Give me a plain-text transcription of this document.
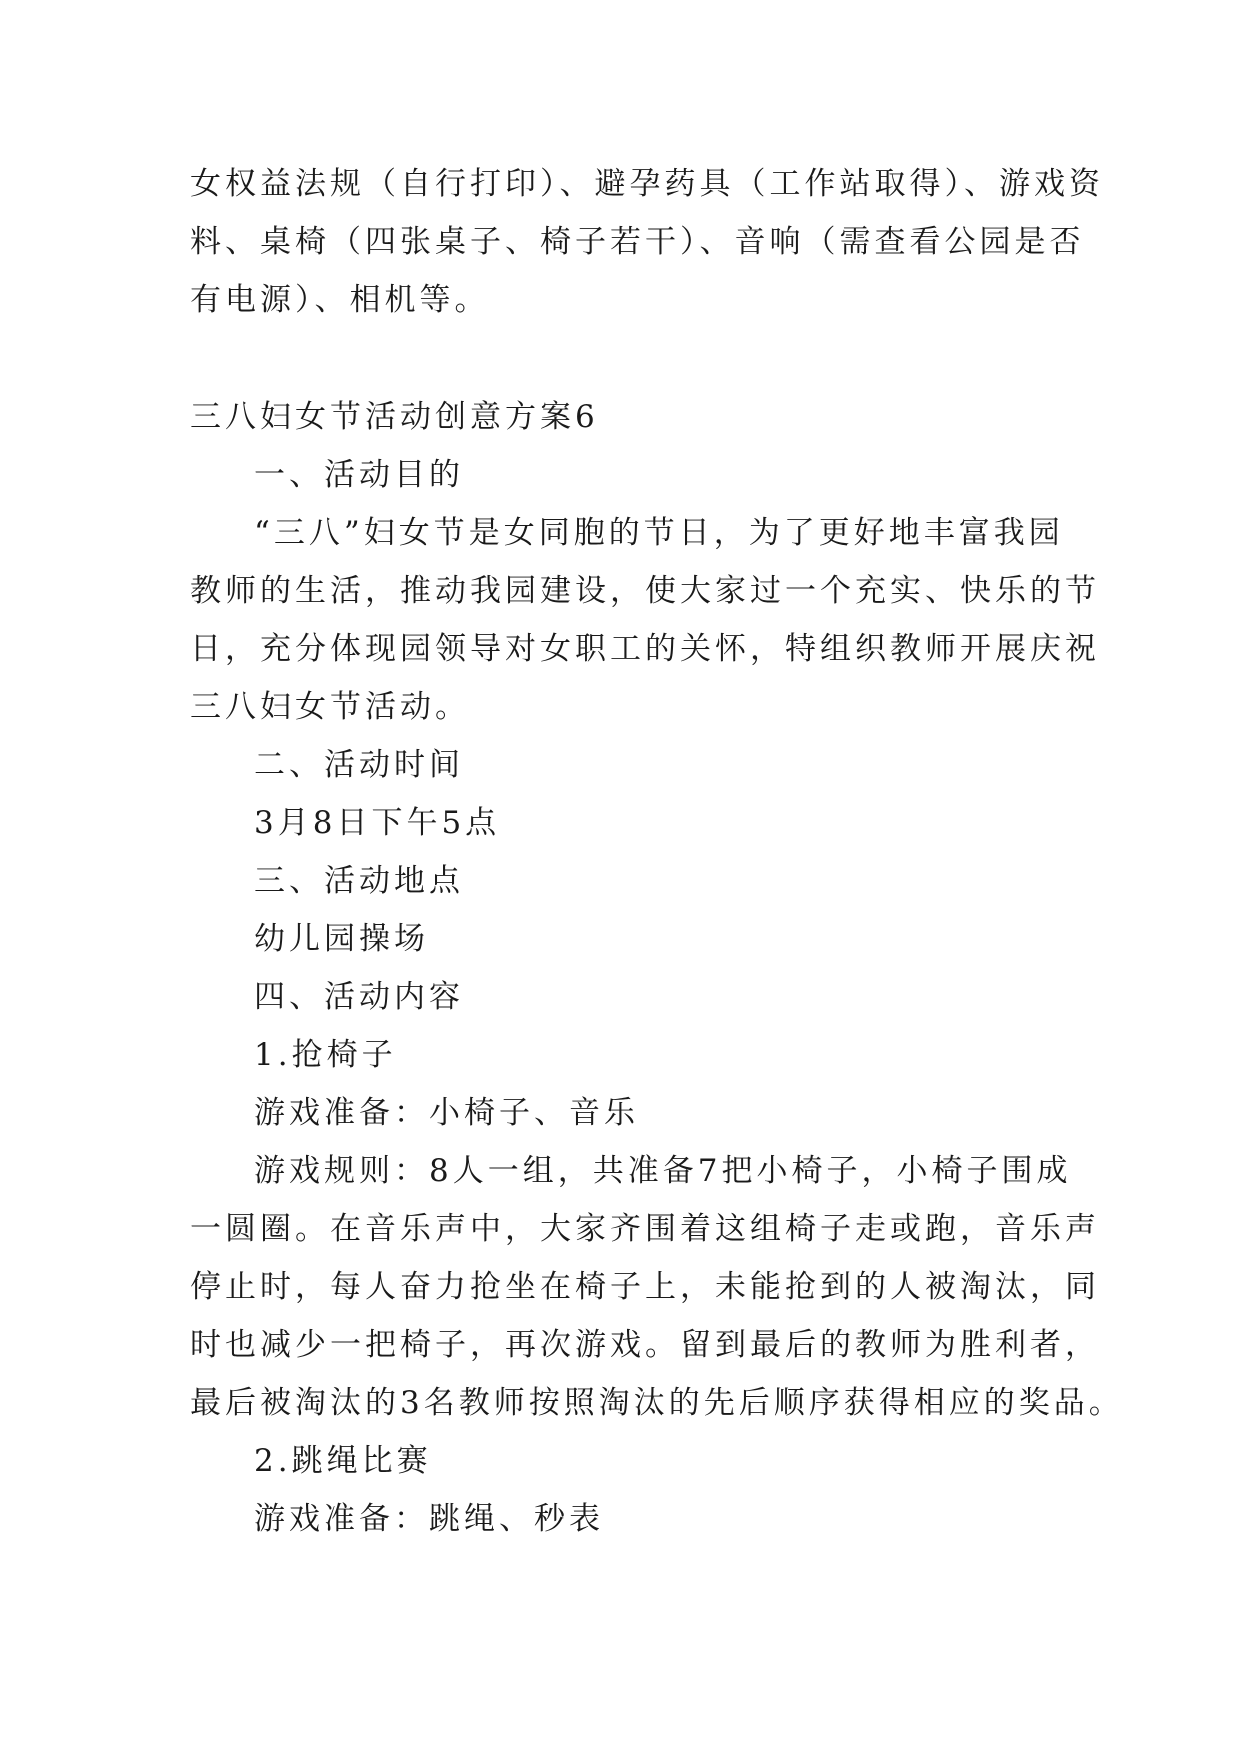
女权益法规（自行打印）、避孕药具（工作站取得）、游戏资
料、桌椅（四张桌子、椅子若干）、音响（需查看公园是否
有电源）、相机等。
三八妇女节活动创意方案6
一、活动目的
“三八”妇女节是女同胞的节日，为了更好地丰富我园
教师的生活，推动我园建设，使大家过一个充实、快乐的节
日，充分体现园领导对女职工的关怀，特组织教师开展庆祝
三八妇女节活动。
二、活动时间
3月8日下午5点
三、活动地点
幼儿园操场
四、活动内容
1.抢椅子
游戏准备：小椅子、音乐
游戏规则：8人一组，共准备7把小椅子，小椅子围成
一圆圈。在音乐声中，大家齐围着这组椅子走或跑，音乐声
停止时，每人奋力抢坐在椅子上，未能抢到的人被淘汰，同
时也减少一把椅子，再次游戏。留到最后的教师为胜利者，
最后被淘汰的3名教师按照淘汰的先后顺序获得相应的奖品。
2.跳绳比赛
游戏准备：跳绳、秒表
